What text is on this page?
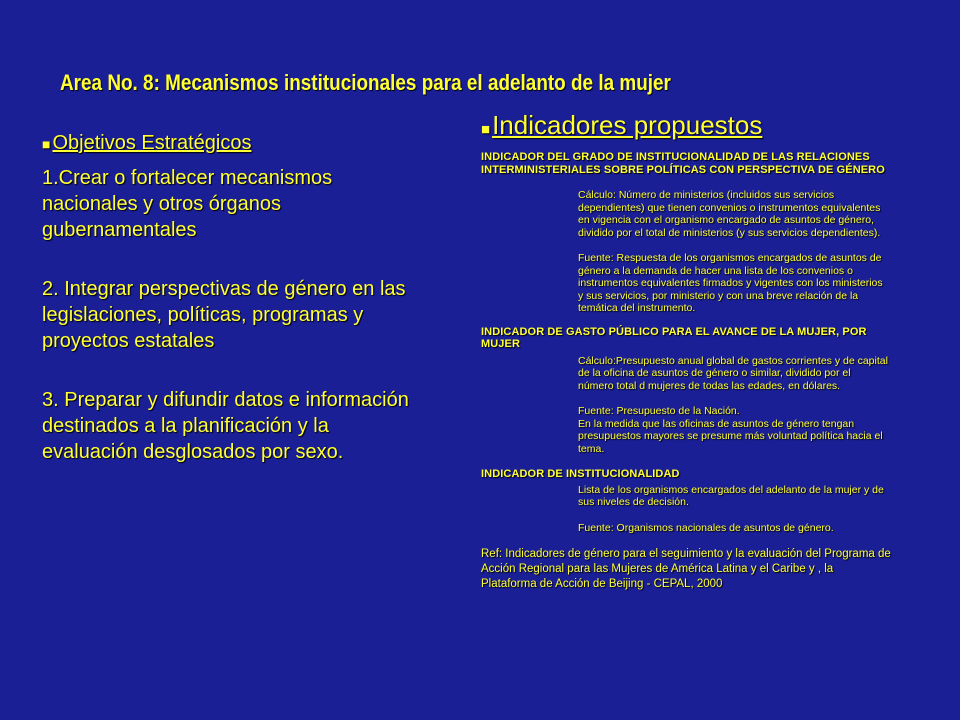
Area No. 8: Mecanismos institucionales para el adelanto de la mujer
■ Objetivos Estratégicos

1.Crear o fortalecer mecanismos nacionales y otros órganos gubernamentales

2. Integrar perspectivas de género en las legislaciones, políticas, programas y proyectos estatales

3. Preparar y difundir datos e información destinados a la planificación y la evaluación desglosados por sexo.

■Indicadores propuestos

INDICADOR DEL GRADO DE INSTITUCIONALIDAD DE LAS RELACIONES INTERMINISTERIALES SOBRE POLÍTICAS CON PERSPECTIVA DE GÉNERO

Cálculo: Número de ministerios (incluidos sus servicios dependientes) que tienen convenios o instrumentos equivalentes en vigencia con el organismo encargado de asuntos de género, dividido por el total de ministerios (y sus servicios dependientes).

Fuente: Respuesta de los organismos encargados de asuntos de género a la demanda de hacer una lista de los convenios o instrumentos equivalentes firmados y vigentes con los ministerios y sus servicios, por ministerio y con una breve relación de la temática del instrumento.

INDICADOR DE GASTO PÚBLICO PARA EL AVANCE DE LA MUJER, POR MUJER

Cálculo:Presupuesto anual global de gastos corrientes y de capital de la oficina de asuntos de género o similar, dividido por el número total d mujeres de todas las edades, en dólares.

Fuente: Presupuesto de la Nación.

En la medida que las oficinas de asuntos de género tengan presupuestos mayores se presume más voluntad política hacia el tema.

INDICADOR DE INSTITUCIONALIDAD

Lista de los organismos encargados del adelanto de la mujer y de sus niveles de decisión.

Fuente: Organismos nacionales de asuntos de género.

Ref: Indicadores de género para el seguimiento y la evaluación del Programa de Acción Regional para las Mujeres de América Latina y el Caribe y , la Plataforma de Acción de Beijing - CEPAL, 2000
